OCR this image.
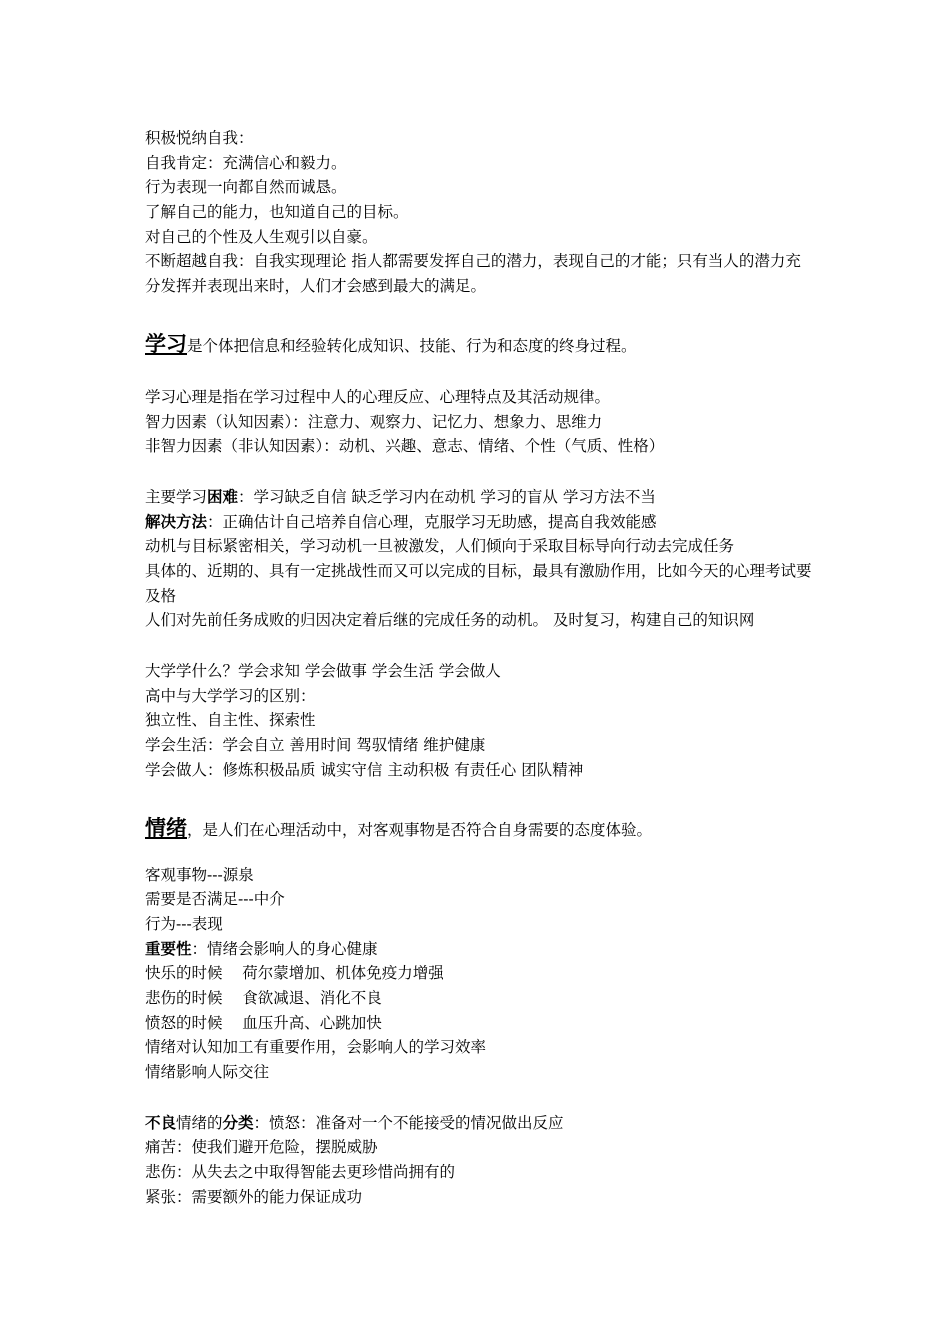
积极悦纳自我：
自我肯定：充满信心和毅力。
行为表现一向都自然而诚恳。
了解自己的能力，也知道自己的目标。
对自己的个性及人生观引以自豪。
不断超越自我：自我实现理论 指人都需要发挥自己的潜力，表现自己的才能；只有当人的潜力充分发挥并表现出来时，人们才会感到最大的满足。
学习是个体把信息和经验转化成知识、技能、行为和态度的终身过程。
学习心理是指在学习过程中人的心理反应、心理特点及其活动规律。
智力因素（认知因素）：注意力、观察力、记忆力、想象力、思维力
非智力因素（非认知因素）：动机、兴趣、意志、情绪、个性（气质、性格）
主要学习困难：学习缺乏自信 缺乏学习内在动机 学习的盲从 学习方法不当
解决方法：正确估计自己培养自信心理，克服学习无助感，提高自我效能感
动机与目标紧密相关，学习动机一旦被激发，人们倾向于采取目标导向行动去完成任务
具体的、近期的、具有一定挑战性而又可以完成的目标，最具有激励作用，比如今天的心理考试要及格
人们对先前任务成败的归因决定着后继的完成任务的动机。 及时复习，构建自己的知识网
大学学什么？学会求知 学会做事 学会生活 学会做人
高中与大学学习的区别：
独立性、自主性、探索性
学会生活：学会自立 善用时间 驾驭情绪 维护健康
学会做人：修炼积极品质 诚实守信 主动积极 有责任心 团队精神
情绪，是人们在心理活动中，对客观事物是否符合自身需要的态度体验。
客观事物---源泉
需要是否满足---中介
行为---表现
重要性：情绪会影响人的身心健康
快乐的时候    荷尔蒙增加、机体免疫力增强
悲伤的时候    食欲减退、消化不良
愤怒的时候    血压升高、心跳加快
情绪对认知加工有重要作用，会影响人的学习效率
情绪影响人际交往
不良情绪的分类：愤怒：准备对一个不能接受的情况做出反应
痛苦：使我们避开危险，摆脱威胁
悲伤：从失去之中取得智能去更珍惜尚拥有的
紧张：需要额外的能力保证成功
